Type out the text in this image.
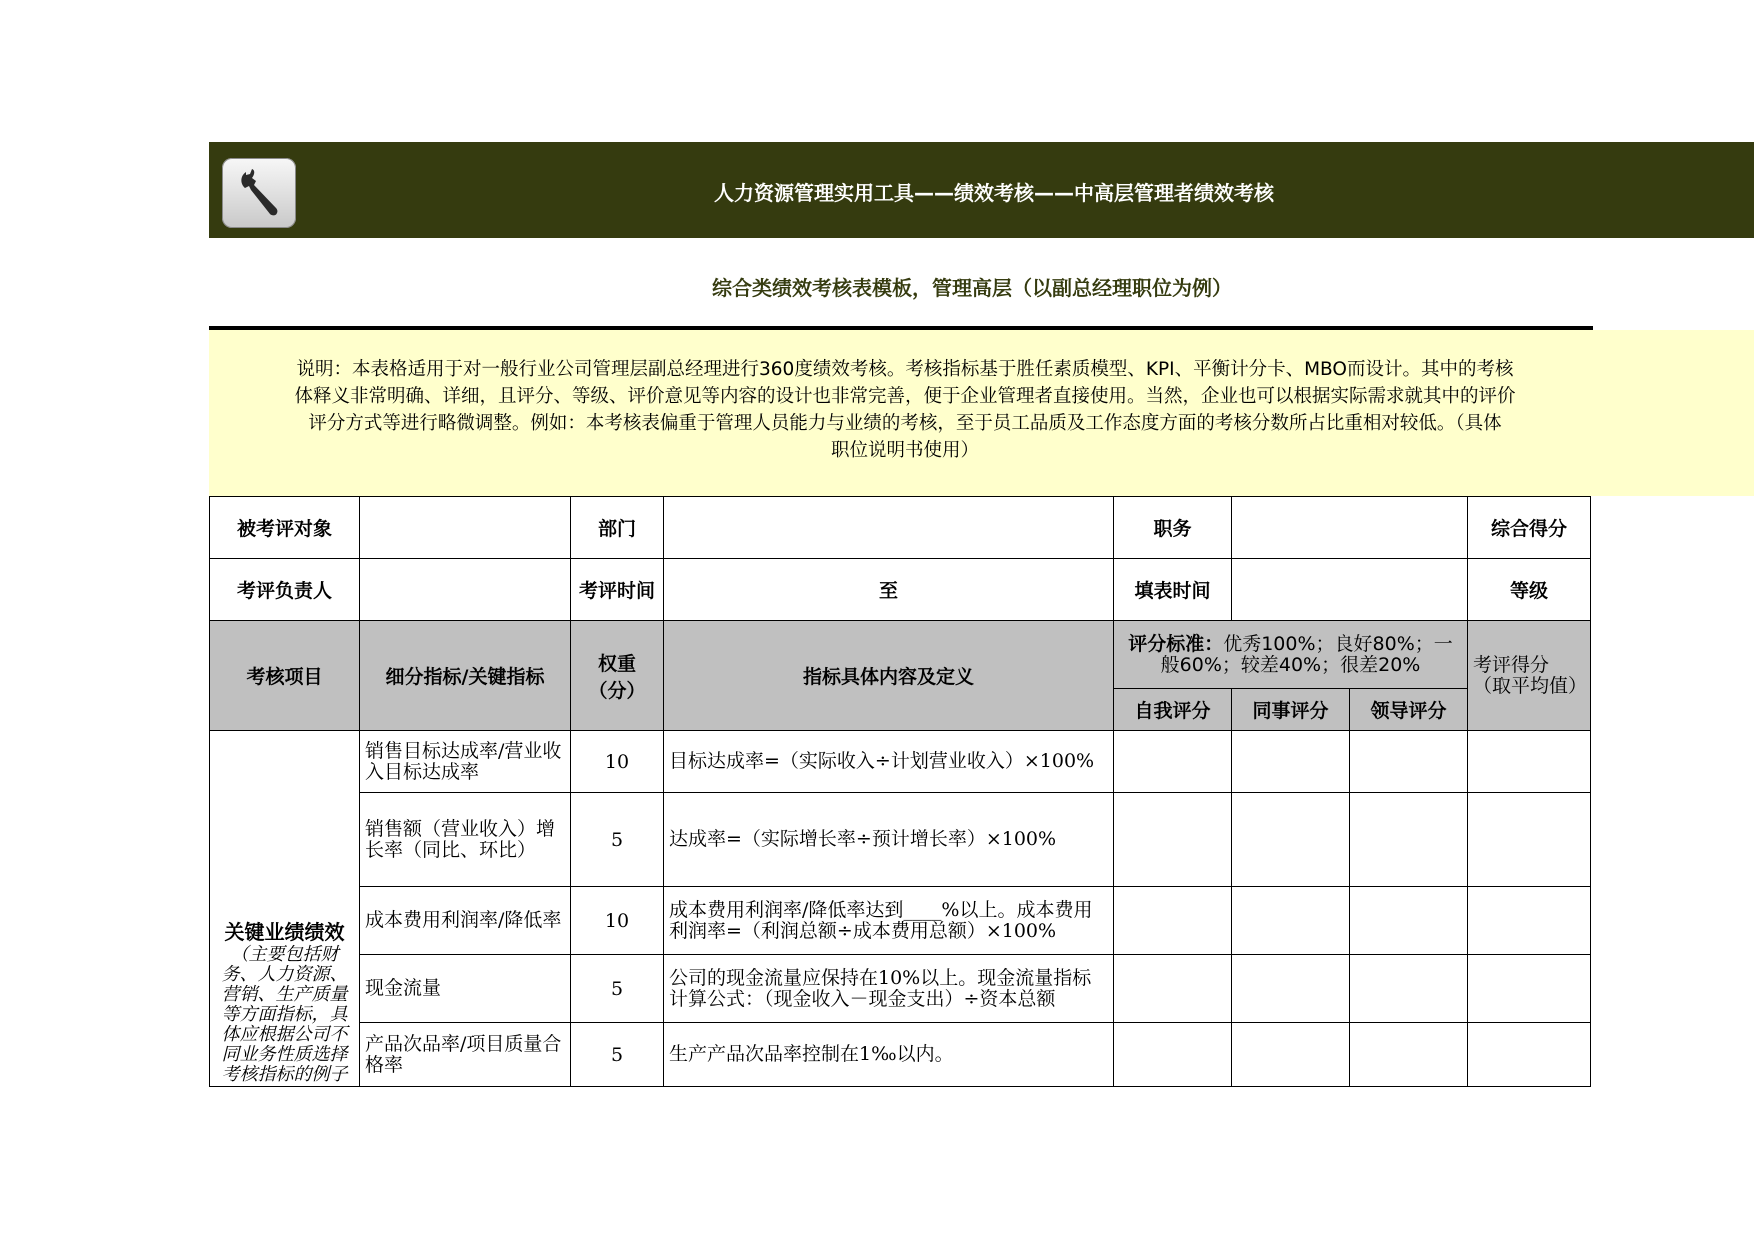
人力资源管理实用工具——绩效考核——中高层管理者绩效考核
综合类绩效考核表模板，管理高层（以副总经理职位为例）
说明：本表格适用于对一般行业公司管理层副总经理进行360度绩效考核。考核指标基于胜任素质模型、KPI、平衡计分卡、MBO而设计。其中的考核
体释义非常明确、详细，且评分、等级、评价意见等内容的设计也非常完善，便于企业管理者直接使用。当然，企业也可以根据实际需求就其中的评价
评分方式等进行略微调整。例如：本考核表偏重于管理人员能力与业绩的考核，至于员工品质及工作态度方面的考核分数所占比重相对较低。（具体
职位说明书使用）
被考评对象		部门		职务			综合得分
考评负责人		考评时间	至	填表时间			等级
考核项目	细分指标/关键指标	权重（分）	指标具体内容及定义	评分标准：优秀100%；良好80%；一般60%；较差40%；很差20%			考评得分（取平均值）
				自我评分	同事评分	领导评分	

关键业绩绩效
（主要包括财务、人力资源、营销、生产质量等方面指标，具体应根据公司不同业务性质选择考核指标的例子	销售目标达成率/营业收入目标达成率	10	目标达成率=（实际收入÷计划营业收入）×100%				
	销售额（营业收入）增长率（同比、环比）	5	达成率=（实际增长率÷预计增长率）×100%				
	成本费用利润率/降低率	10	成本费用利润率/降低率达到____%以上。成本费用利润率=（利润总额÷成本费用总额）×100%				
	现金流量	5	公司的现金流量应保持在10%以上。现金流量指标计算公式：（现金收入－现金支出）÷资本总额				
	产品次品率/项目质量合格率	5	生产产品次品率控制在1‰以内。				
